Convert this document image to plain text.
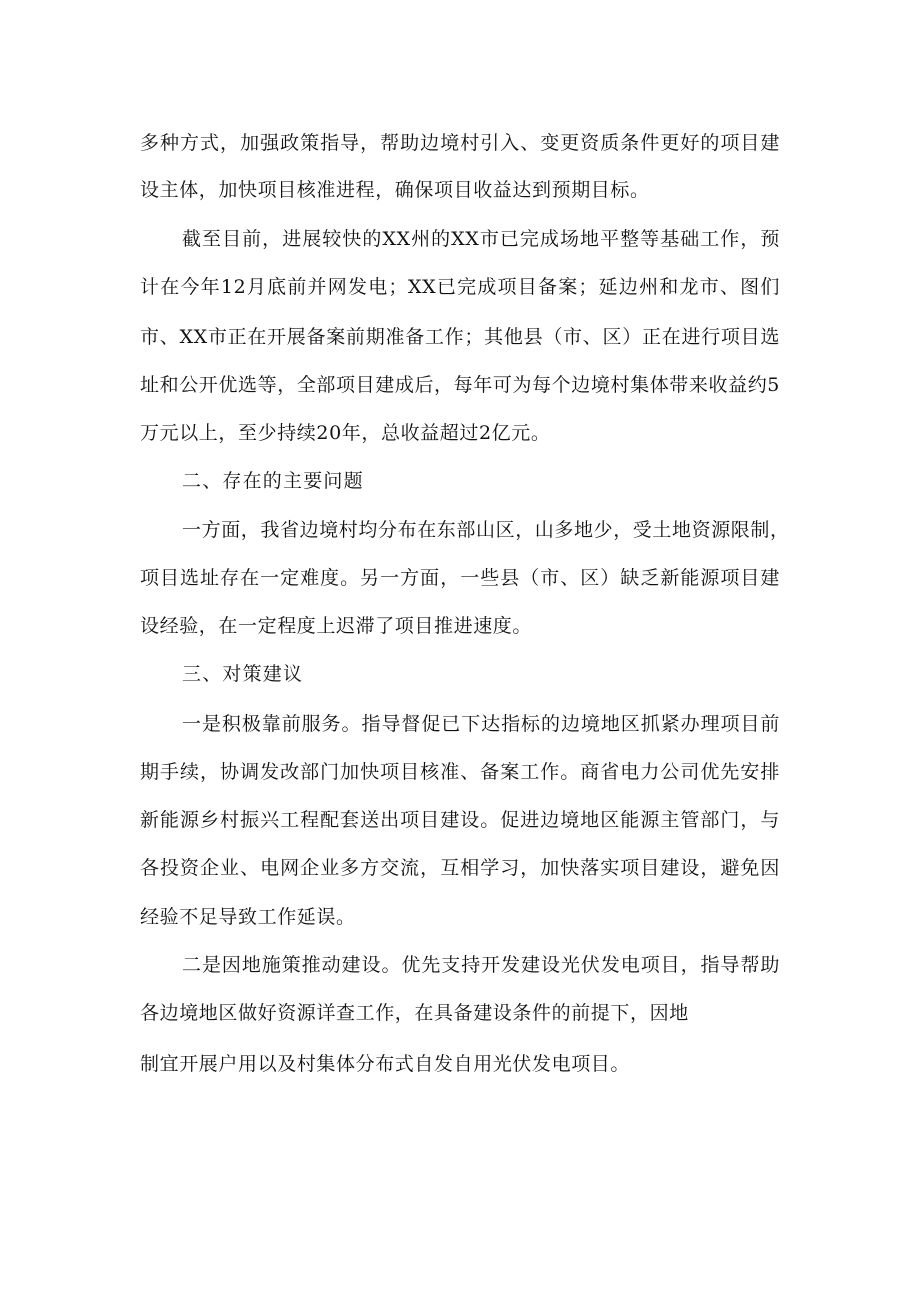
多种方式，加强政策指导，帮助边境村引入、变更资质条件更好的项目建

设主体，加快项目核准进程，确保项目收益达到预期目标。

截至目前，进展较快的XX州的XX市已完成场地平整等基础工作，预

计在今年12月底前并网发电；XX已完成项目备案；延边州和龙市、图们

市、XX市正在开展备案前期准备工作；其他县（市、区）正在进行项目选

址和公开优选等，全部项目建成后，每年可为每个边境村集体带来收益约5

万元以上，至少持续20年，总收益超过2亿元。

二、存在的主要问题

一方面，我省边境村均分布在东部山区，山多地少，受土地资源限制，

项目选址存在一定难度。另一方面，一些县（市、区）缺乏新能源项目建

设经验，在一定程度上迟滞了项目推进速度。

三、对策建议

一是积极靠前服务。指导督促已下达指标的边境地区抓紧办理项目前

期手续，协调发改部门加快项目核准、备案工作。商省电力公司优先安排

新能源乡村振兴工程配套送出项目建设。促进边境地区能源主管部门，与

各投资企业、电网企业多方交流，互相学习，加快落实项目建设，避免因

经验不足导致工作延误。

二是因地施策推动建设。优先支持开发建设光伏发电项目，指导帮助

各边境地区做好资源详查工作，在具备建设条件的前提下，因地

制宜开展户用以及村集体分布式自发自用光伏发电项目。
